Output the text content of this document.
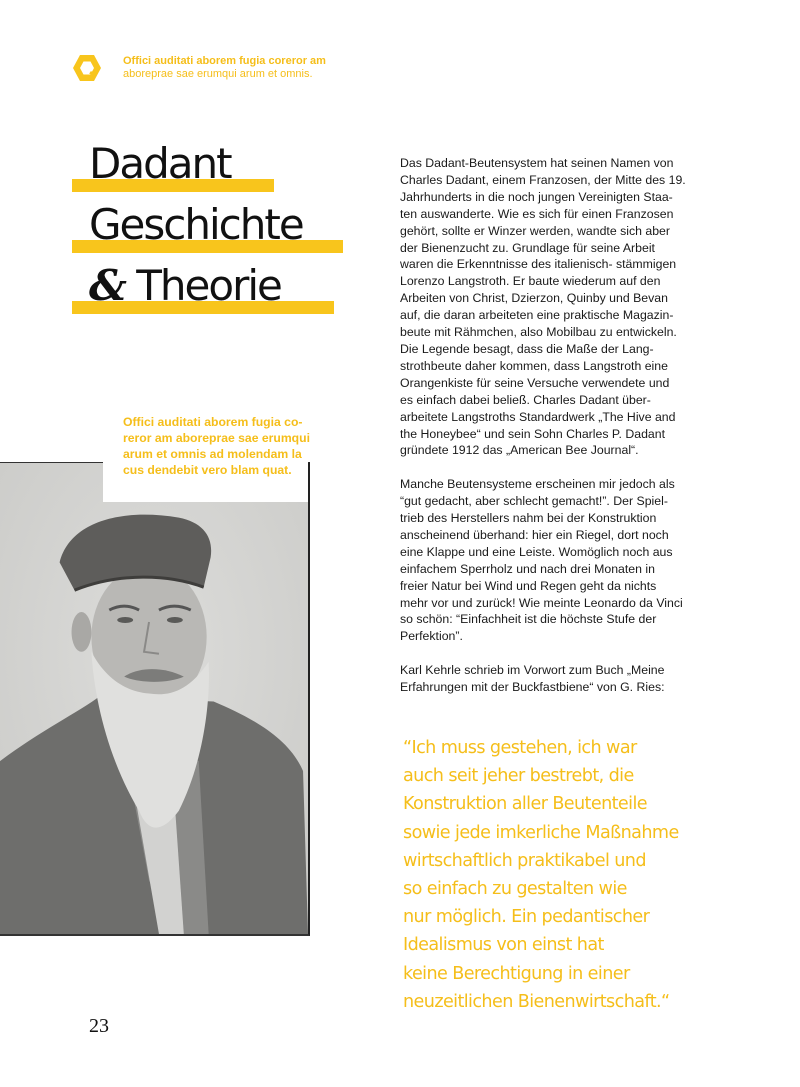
Offici auditati aborem fugia coreror am
aboreprae sae erumqui arum et omnis.
Dadant
Geschichte
& Theorie
Offici auditati aborem fugia co-
reror am aboreprae sae erumqui
arum et omnis ad molendam la
cus dendebit vero blam quat.

Das Dadant-Beutensystem hat seinen Namen von
Charles Dadant, einem Franzosen, der Mitte des 19.
Jahrhunderts in die noch jungen Vereinigten Staa-
ten auswanderte. Wie es sich für einen Franzosen
gehört, sollte er Winzer werden, wandte sich aber
der Bienenzucht zu. Grundlage für seine Arbeit
waren die Erkenntnisse des italienisch- stämmigen
Lorenzo Langstroth. Er baute wiederum auf den
Arbeiten von Christ, Dzierzon, Quinby und Bevan
auf, die daran arbeiteten eine praktische Magazin-
beute mit Rähmchen, also Mobilbau zu entwickeln.
Die Legende besagt, dass die Maße der Lang-
strothbeute daher kommen, dass Langstroth eine
Orangenkiste für seine Versuche verwendete und
es einfach dabei beließ. Charles Dadant über-
arbeitete Langstroths Standardwerk „The Hive and
the Honeybee“ und sein Sohn Charles P. Dadant
gründete 1912 das „American Bee Journal“.

Manche Beutensysteme erscheinen mir jedoch als
“gut gedacht, aber schlecht gemacht!”. Der Spiel-
trieb des Herstellers nahm bei der Konstruktion
anscheinend überhand: hier ein Riegel, dort noch
eine Klappe und eine Leiste. Womöglich noch aus
einfachem Sperrholz und nach drei Monaten in
freier Natur bei Wind und Regen geht da nichts
mehr vor und zurück! Wie meinte Leonardo da Vinci
so schön: “Einfachheit ist die höchste Stufe der
Perfektion”.

Karl Kehrle schrieb im Vorwort zum Buch „Meine
Erfahrungen mit der Buckfastbiene“ von G. Ries:

“Ich muss gestehen, ich war
auch seit jeher bestrebt, die
Konstruktion aller Beutenteile
sowie jede imkerliche Maßnahme
wirtschaftlich praktikabel und
so einfach zu gestalten wie
nur möglich. Ein pedantischer
Idealismus von einst hat
keine Berechtigung in einer
neuzeitlichen Bienenwirtschaft.“
23
